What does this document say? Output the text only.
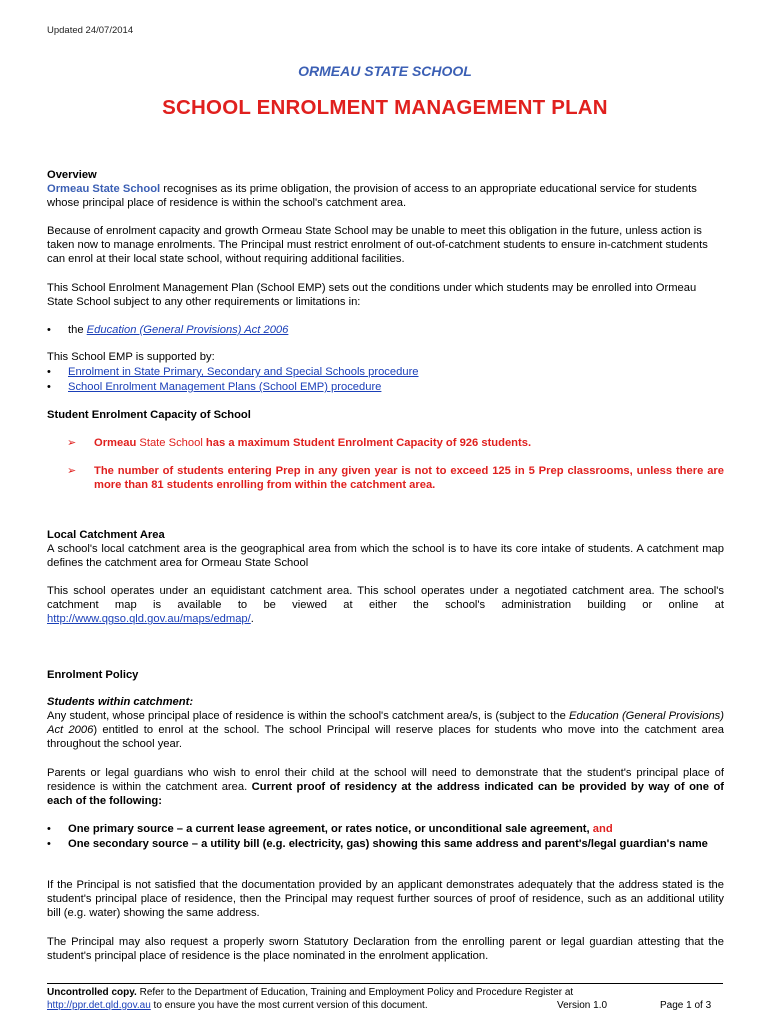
Updated 24/07/2014
ORMEAU STATE SCHOOL
SCHOOL ENROLMENT MANAGEMENT PLAN
Overview
Ormeau State School recognises as its prime obligation, the provision of access to an appropriate educational service for students whose principal place of residence is within the school's catchment area.
Because of enrolment capacity and growth Ormeau State School may be unable to meet this obligation in the future, unless action is taken now to manage enrolments. The Principal must restrict enrolment of out-of-catchment students to ensure in-catchment students can enrol at their local state school, without requiring additional facilities.
This School Enrolment Management Plan (School EMP) sets out the conditions under which students may be enrolled into Ormeau State School subject to any other requirements or limitations in:
• the Education (General Provisions) Act 2006
This School EMP is supported by:
• Enrolment in State Primary, Secondary and Special Schools procedure
• School Enrolment Management Plans (School EMP) procedure
Student Enrolment Capacity of School
➢ Ormeau State School has a maximum Student Enrolment Capacity of 926 students.
➢ The number of students entering Prep in any given year is not to exceed 125 in 5 Prep classrooms, unless there are more than 81 students enrolling from within the catchment area.
Local Catchment Area
A school's local catchment area is the geographical area from which the school is to have its core intake of students. A catchment map defines the catchment area for Ormeau State School
This school operates under an equidistant catchment area. This school operates under a negotiated catchment area. The school's catchment map is available to be viewed at either the school's administration building or online at http://www.qgso.qld.gov.au/maps/edmap/.
Enrolment Policy
Students within catchment:
Any student, whose principal place of residence is within the school's catchment area/s, is (subject to the Education (General Provisions) Act 2006) entitled to enrol at the school. The school Principal will reserve places for students who move into the catchment area throughout the school year.
Parents or legal guardians who wish to enrol their child at the school will need to demonstrate that the student's principal place of residence is within the catchment area. Current proof of residency at the address indicated can be provided by way of one of each of the following:
• One primary source – a current lease agreement, or rates notice, or unconditional sale agreement, and
• One secondary source – a utility bill (e.g. electricity, gas) showing this same address and parent's/legal guardian's name
If the Principal is not satisfied that the documentation provided by an applicant demonstrates adequately that the address stated is the student's principal place of residence, then the Principal may request further sources of proof of residence, such as an additional utility bill (e.g. water) showing the same address.
The Principal may also request a properly sworn Statutory Declaration from the enrolling parent or legal guardian attesting that the student's principal place of residence is the place nominated in the enrolment application.
Uncontrolled copy. Refer to the Department of Education, Training and Employment Policy and Procedure Register at
http://ppr.det.qld.gov.au to ensure you have the most current version of this document.	Version 1.0	Page 1 of 3
